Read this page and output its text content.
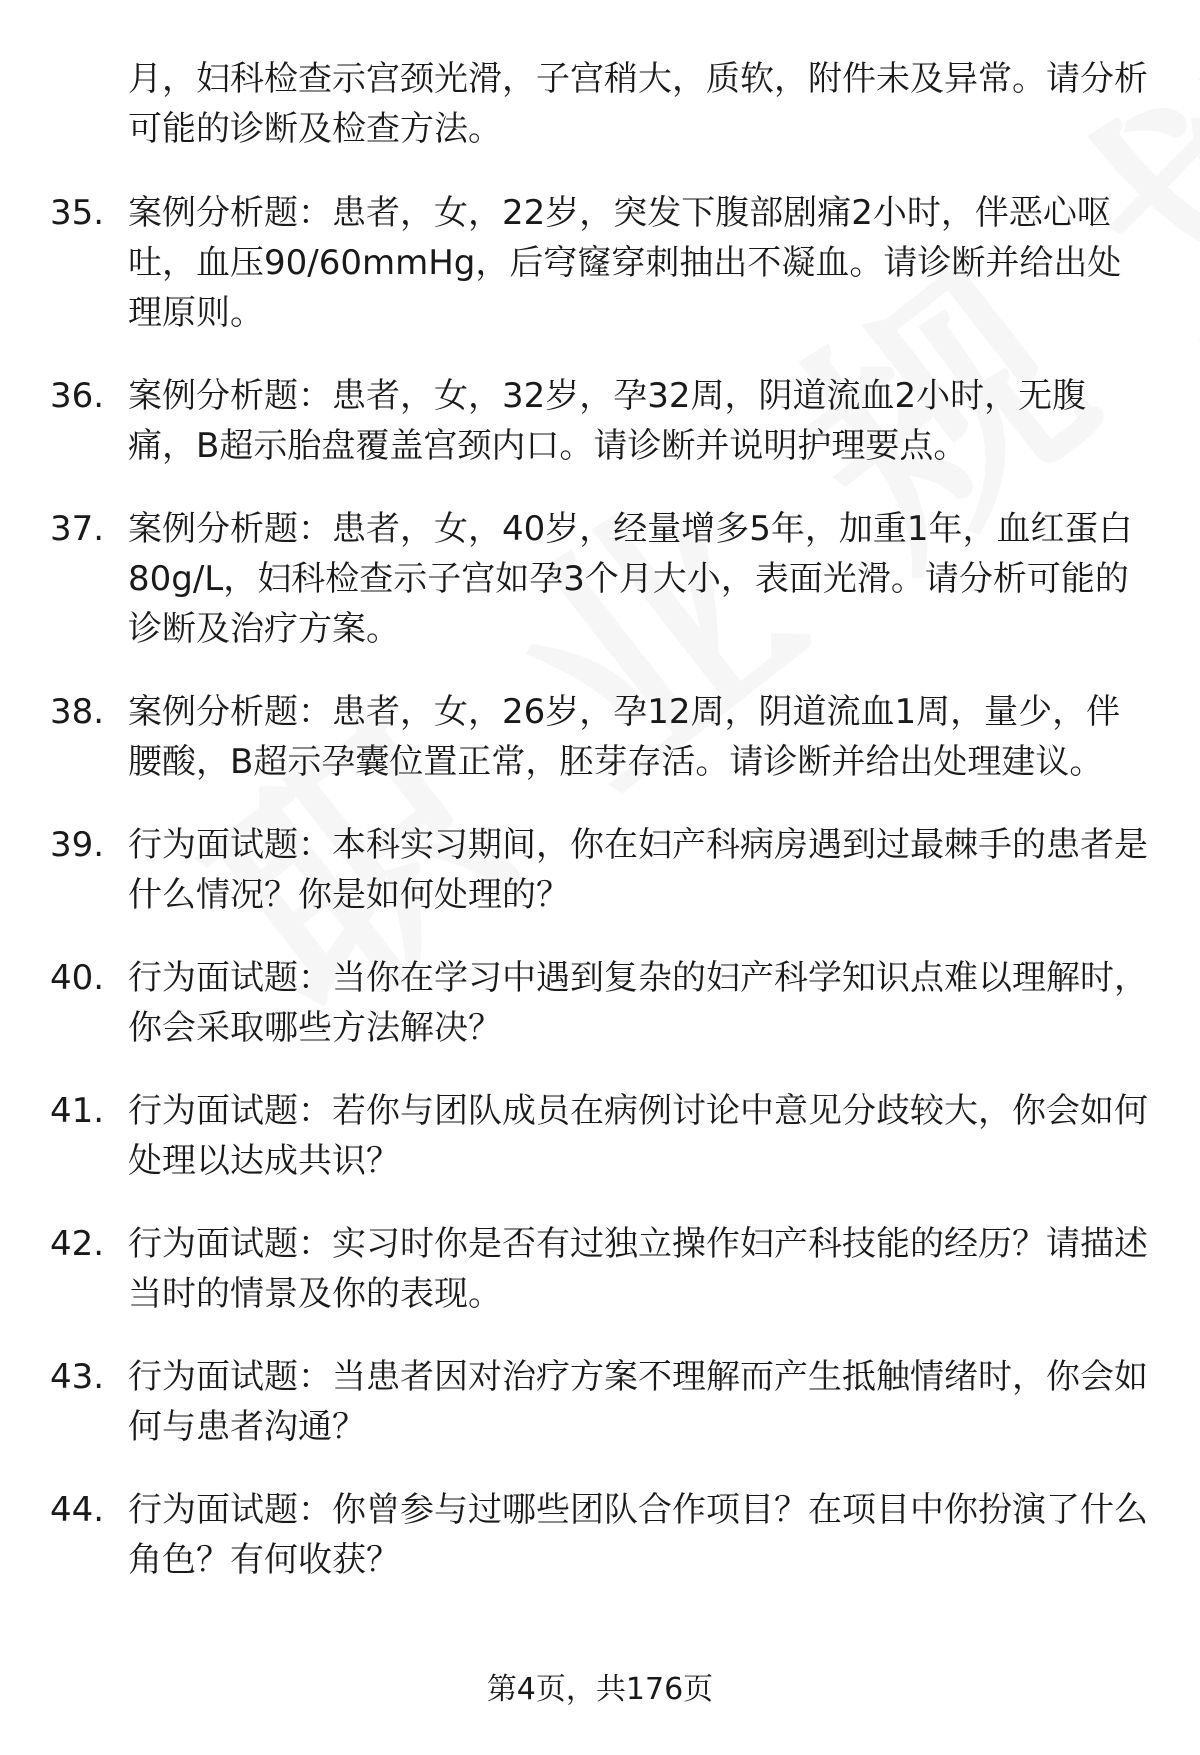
月，妇科检查示宫颈光滑，子宫稍大，质软，附件未及异常。请分析可能的诊断及检查方法。
35. 案例分析题：患者，女，22岁，突发下腹部剧痛2小时，伴恶心呕吐，血压90/60mmHg，后穹窿穿刺抽出不凝血。请诊断并给出处理原则。
36. 案例分析题：患者，女，32岁，孕32周，阴道流血2小时，无腹痛，B超示胎盘覆盖宫颈内口。请诊断并说明护理要点。
37. 案例分析题：患者，女，40岁，经量增多5年，加重1年，血红蛋白80g/L，妇科检查示子宫如孕3个月大小，表面光滑。请分析可能的诊断及治疗方案。
38. 案例分析题：患者，女，26岁，孕12周，阴道流血1周，量少，伴腰酸，B超示孕囊位置正常，胚芽存活。请诊断并给出处理建议。
39. 行为面试题：本科实习期间，你在妇产科病房遇到过最棘手的患者是什么情况？你是如何处理的？
40. 行为面试题：当你在学习中遇到复杂的妇产科学知识点难以理解时，你会采取哪些方法解决？
41. 行为面试题：若你与团队成员在病例讨论中意见分歧较大，你会如何处理以达成共识？
42. 行为面试题：实习时你是否有过独立操作妇产科技能的经历？请描述当时的情景及你的表现。
43. 行为面试题：当患者因对治疗方案不理解而产生抵触情绪时，你会如何与患者沟通？
44. 行为面试题：你曾参与过哪些团队合作项目？在项目中你扮演了什么角色？有何收获？
第4页，共176页
